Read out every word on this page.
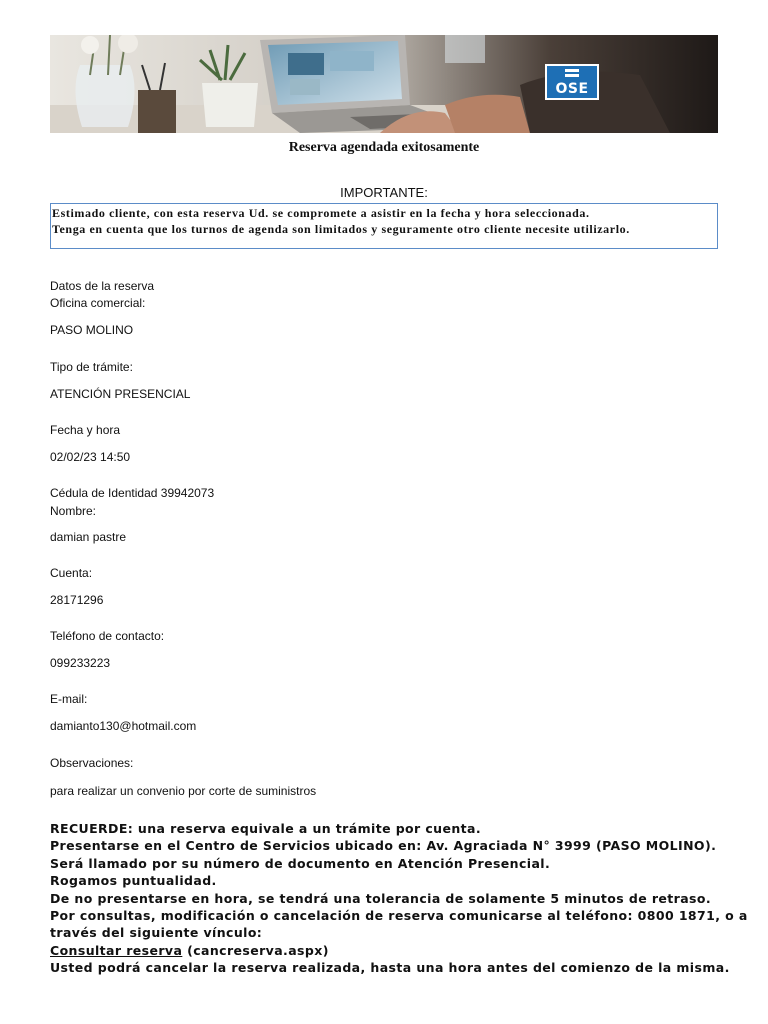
OSE
Reserva agendada exitosamente
IMPORTANTE:
Estimado cliente, con esta reserva Ud. se compromete a asistir en la fecha y hora seleccionada.
Tenga en cuenta que los turnos de agenda son limitados y seguramente otro cliente necesite utilizarlo.
Datos de la reserva
Oficina comercial:
PASO MOLINO
Tipo de trámite:
ATENCIÓN PRESENCIAL
Fecha y hora
02/02/23 14:50
Cédula de Identidad 39942073
Nombre:
damian pastre
Cuenta:
28171296
Teléfono de contacto:
099233223
E-mail:
damianto130@hotmail.com
Observaciones:
para realizar un convenio por corte de suministros
RECUERDE: una reserva equivale a un trámite por cuenta.
Presentarse en el Centro de Servicios ubicado en: Av. Agraciada N° 3999 (PASO MOLINO).
Será llamado por su número de documento en Atención Presencial.
Rogamos puntualidad.
De no presentarse en hora, se tendrá una tolerancia de solamente 5 minutos de retraso.
Por consultas, modificación o cancelación de reserva comunicarse al teléfono: 0800 1871, o a
través del siguiente vínculo:
Consultar reserva (cancreserva.aspx)
Usted podrá cancelar la reserva realizada, hasta una hora antes del comienzo de la misma.
